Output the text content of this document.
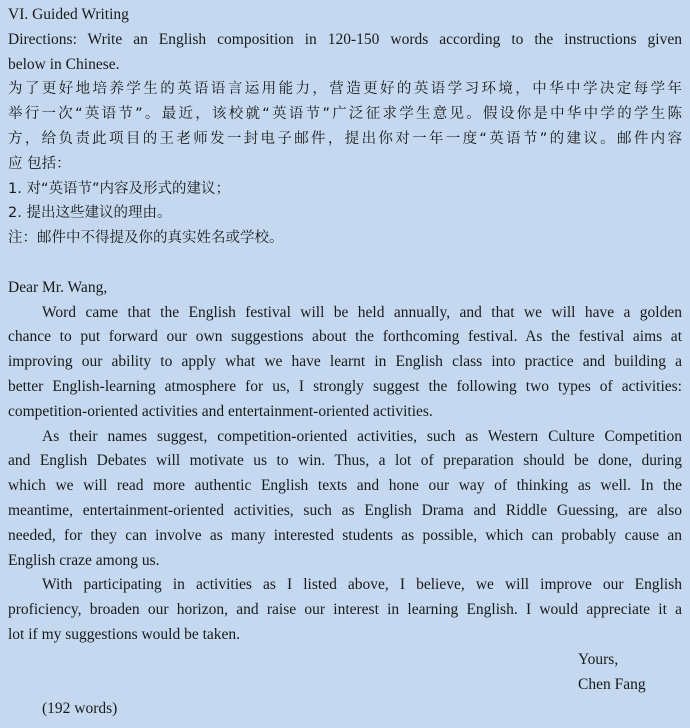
VI. Guided Writing
Directions: Write an English composition in 120-150 words according to the instructions given
below in Chinese.
为了更好地培养学生的英语语言运用能力，营造更好的英语学习环境，中华中学决定每学年
举行一次“英语节”。最近，该校就“英语节”广泛征求学生意见。假设你是中华中学的学生陈
方，给负责此项目的王老师发一封电子邮件，提出你对一年一度“英语节”的建议。邮件内容
应 包括：
1. 对“英语节”内容及形式的建议；
2. 提出这些建议的理由。
注：邮件中不得提及你的真实姓名或学校。
Dear Mr. Wang,
Word came that the English festival will be held annually, and that we will have a golden
chance to put forward our own suggestions about the forthcoming festival. As the festival aims at
improving our ability to apply what we have learnt in English class into practice and building a
better English-learning atmosphere for us, I strongly suggest the following two types of activities:
competition-oriented activities and entertainment-oriented activities.
As their names suggest, competition-oriented activities, such as Western Culture Competition
and English Debates will motivate us to win. Thus, a lot of preparation should be done, during
which we will read more authentic English texts and hone our way of thinking as well. In the
meantime, entertainment-oriented activities, such as English Drama and Riddle Guessing, are also
needed, for they can involve as many interested students as possible, which can probably cause an
English craze among us.
With participating in activities as I listed above, I believe, we will improve our English
proficiency, broaden our horizon, and raise our interest in learning English. I would appreciate it a
lot if my suggestions would be taken.
Yours,
Chen Fang
(192 words)
